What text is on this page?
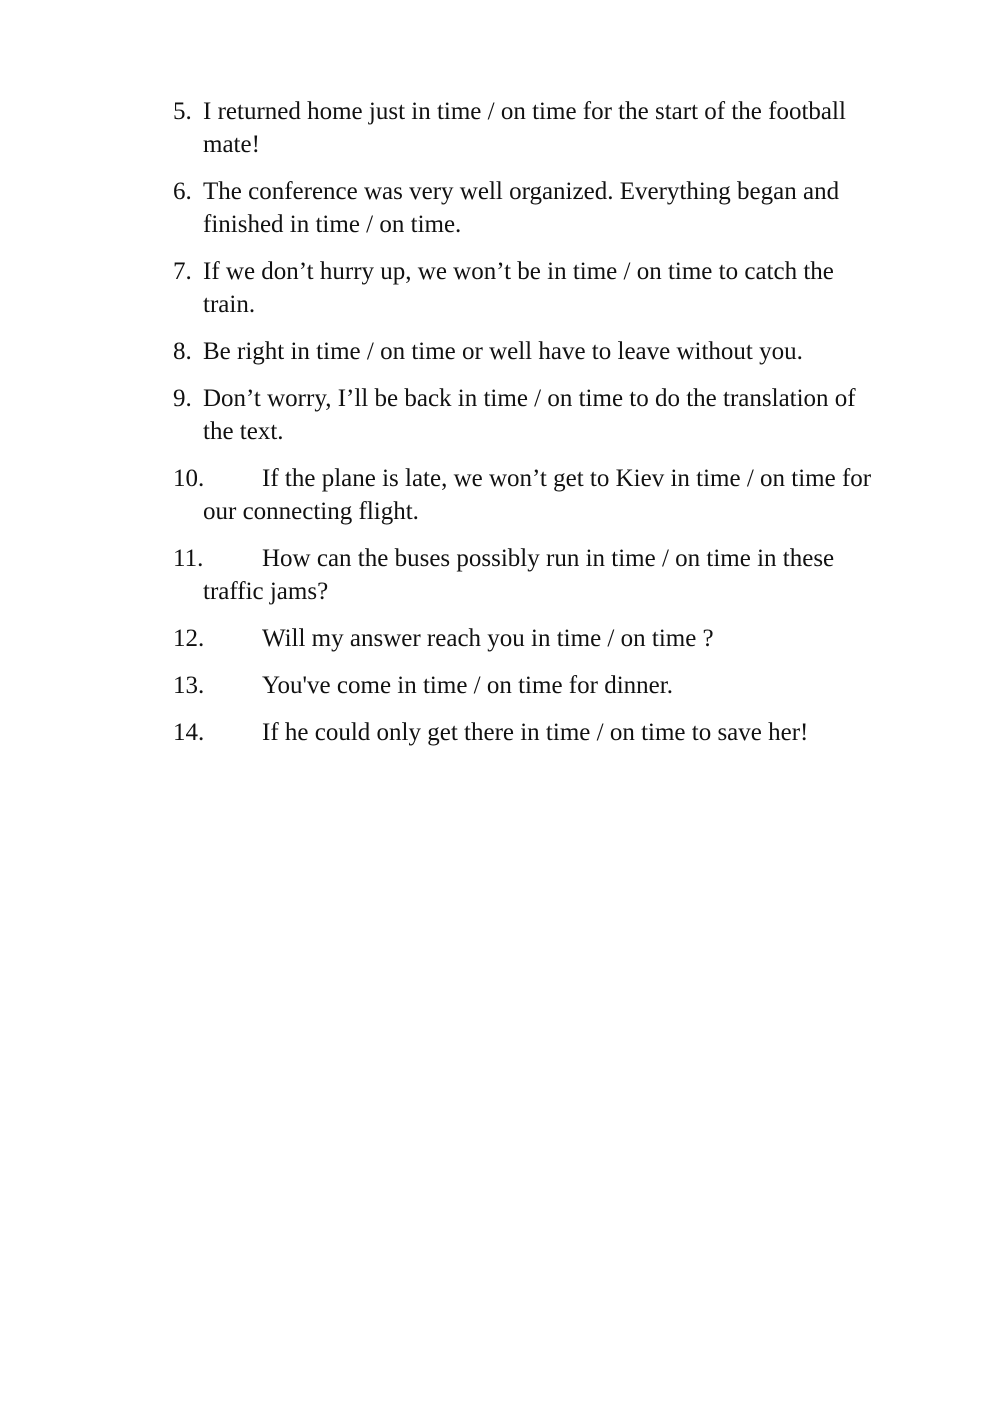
5. I returned home just in time / on time for the start of the football
mate!
6. The conference was very well organized. Everything began and
finished in time / on time.
7. If we don’t hurry up, we won’t be in time / on time to catch the
train.
8. Be right in time / on time or well have to leave without you.
9. Don’t worry, I’ll be back in time / on time to do the translation of
the text.
10. If the plane is late, we won’t get to Kiev in time / on time for
our connecting flight.
11. How can the buses possibly run in time / on time in these
traffic jams?
12. Will my answer reach you in time / on time ?
13. You've come in time / on time for dinner.
14. If he could only get there in time / on time to save her!
